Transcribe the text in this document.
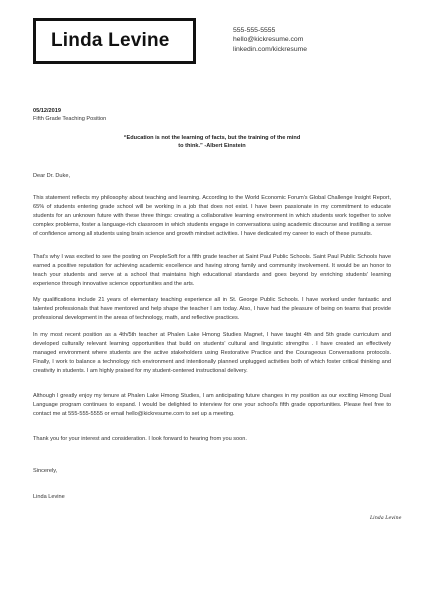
Linda Levine	555-555-5555
hello@kickresume.com
linkedin.com/kickresume
05/12/2019
Fifth Grade Teaching Position
“Education is not the learning of facts, but the training of the mind
to think.” -Albert Einstein
Dear Dr. Duke,

This statement reflects my philosophy about teaching and learning. According to the World Economic Forum's Global Challenge Insight Report, 65% of students entering grade school will be working in a job that does not exist. I have been passionate in my commitment to educate students for an unknown future with these three things: creating a collaborative learning environment in which students work together to solve complex problems, foster a language-rich classroom in which students engage in conversations using academic discourse and instilling a sense of confidence among all students using brain science and growth mindset activities. I have dedicated my career to each of these pursuits.

That's why I was excited to see the posting on PeopleSoft for a fifth grade teacher at Saint Paul Public Schools. Saint Paul Public Schools have earned a positive reputation for achieving academic excellence and having strong family and community involvement. It would be an honor to teach your students and serve at a school that maintains high educational standards and goes beyond by enriching students' learning experience through innovative science opportunities and the arts.

My qualifications include 21 years of elementary teaching experience all in St. George Public Schools. I have worked under fantastic and talented professionals that have mentored and help shape the teacher I am today. Also, I have had the pleasure of being on teams that provide professional development in the areas of technology, math, and reflective practices.

In my most recent position as a 4th/5th teacher at Phalen Lake Hmong Studies Magnet, I have taught 4th and 5th grade curriculum and developed culturally relevant learning opportunities that build on students' cultural and linguistic strengths . I have created an effectively managed environment where students are the active stakeholders using Restorative Practice and the Courageous Conversations protocols. Finally, I work to balance a technology rich environment and intentionally planned unplugged activities both of which foster critical thinking and creativity in students. I am highly praised for my student-centered instructional delivery.

Although I greatly enjoy my tenure at Phalen Lake Hmong Studies, I am anticipating future changes in my position as our exciting Hmong Dual Language program continues to expand. I would be delighted to interview for one your school's fifth grade opportunities. Please feel free to contact me at 555-555-5555 or email hello@kickresume.com to set up a meeting.

Thank you for your interest and consideration. I look forward to hearing from you soon.
Sincerely,
Linda Levine
Linda Levine
